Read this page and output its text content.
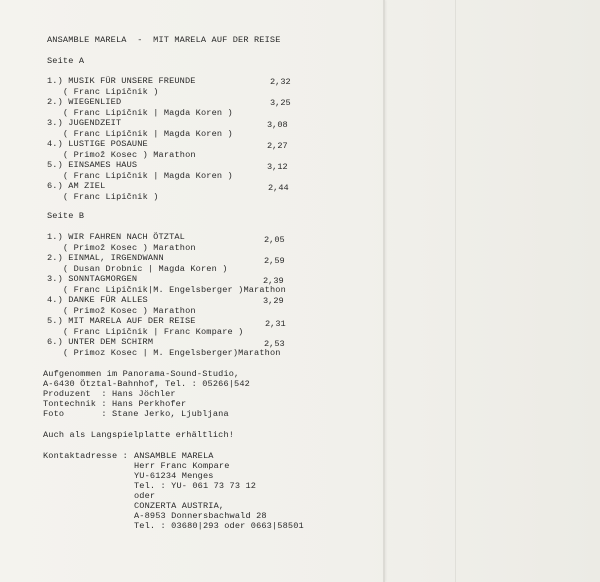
ANSAMBLE MARELA  -  MIT MARELA AUF DER REISE
Seite A
1.) MUSIK FÜR UNSERE FREUNDE	2,32
( Franc Lipičnik )
2.) WIEGENLIED	3,25
( Franc Lipičnik | Magda Koren )
3.) JUGENDZEIT	3,08
( Franc Lipičnik | Magda Koren )
4.) LUSTIGE POSAUNE	2,27
( Primož Kosec ) Marathon
5.) EINSAMES HAUS	3,12
( Franc Lipičnik | Magda Koren )
6.) AM ZIEL	2,44
( Franc Lipičnik )
Seite B
1.) WIR FAHREN NACH ÖTZTAL	2,05
( Primož Kosec ) Marathon
2.) EINMAL, IRGENDWANN	2,59
( Dusan Drobnic | Magda Koren )
3.) SONNTAGMORGEN	2,39
( Franc Lipičnik|M. Engelsberger )Marathon
4.) DANKE FÜR ALLES	3,29
( Primož Kosec ) Marathon
5.) MIT MARELA AUF DER REISE	2,31
( Franc Lipičnik | Franc Kompare )
6.) UNTER DEM SCHIRM	2,53
( Primoz Kosec | M. Engelsberger)Marathon
Aufgenommen im Panorama-Sound-Studio,
A-6430 Ötztal-Bahnhof, Tel. : 05266|542
Produzent  : Hans Jöchler
Tontechnik : Hans Perkhofer
Foto       : Stane Jerko, Ljubljana
Auch als Langspielplatte erhältlich!
Kontaktadresse : ANSAMBLE MARELA
Herr Franc Kompare
YU-61234 Menges
Tel. : YU- 061 73 73 12
oder
CONZERTA AUSTRIA,
A-8953 Donnersbachwald 28
Tel. : 03680|293 oder 0663|58501
